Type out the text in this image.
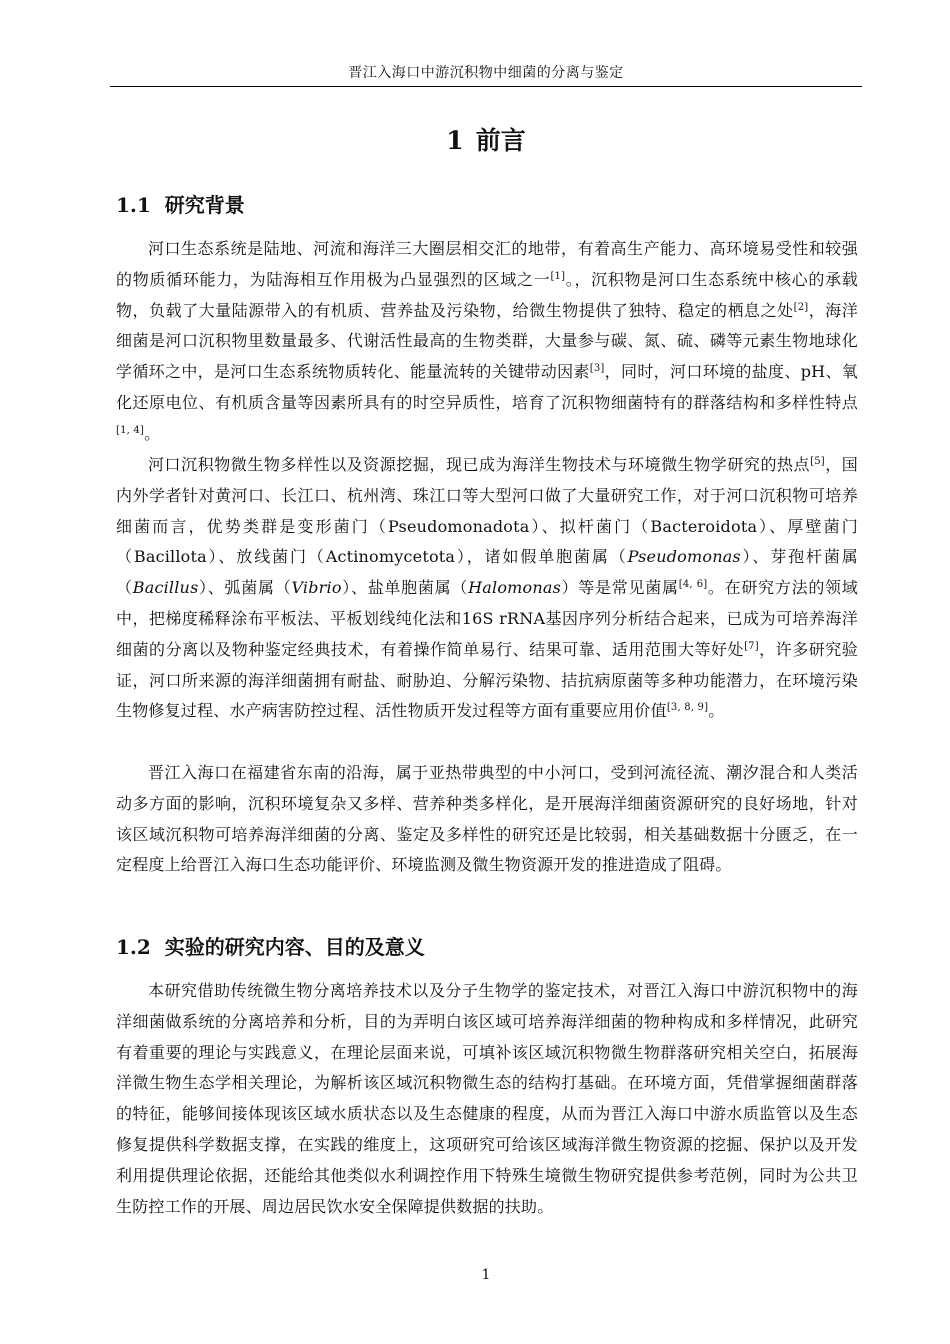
晋江入海口中游沉积物中细菌的分离与鉴定
1 前言
1.1 研究背景
河口生态系统是陆地、河流和海洋三大圈层相交汇的地带，有着高生产能力、高环境易受性和较强的物质循环能力，为陆海相互作用极为凸显强烈的区域之一[1]。，沉积物是河口生态系统中核心的承载物，负载了大量陆源带入的有机质、营养盐及污染物，给微生物提供了独特、稳定的栖息之处[2]，海洋细菌是河口沉积物里数量最多、代谢活性最高的生物类群，大量参与碳、氮、硫、磷等元素生物地球化学循环之中，是河口生态系统物质转化、能量流转的关键带动因素[3]，同时，河口环境的盐度、pH、氧化还原电位、有机质含量等因素所具有的时空异质性，培育了沉积物细菌特有的群落结构和多样性特点[1, 4]。
河口沉积物微生物多样性以及资源挖掘，现已成为海洋生物技术与环境微生物学研究的热点[5]，国内外学者针对黄河口、长江口、杭州湾、珠江口等大型河口做了大量研究工作，对于河口沉积物可培养细菌而言，优势类群是变形菌门（Pseudomonadota）、拟杆菌门（Bacteroidota）、厚壁菌门（Bacillota）、放线菌门（Actinomycetota），诸如假单胞菌属（Pseudomonas）、芽孢杆菌属（Bacillus）、弧菌属（Vibrio）、盐单胞菌属（Halomonas）等是常见菌属[4, 6]。在研究方法的领域中，把梯度稀释涂布平板法、平板划线纯化法和16S rRNA基因序列分析结合起来，已成为可培养海洋细菌的分离以及物种鉴定经典技术，有着操作简单易行、结果可靠、适用范围大等好处[7]，许多研究验证，河口所来源的海洋细菌拥有耐盐、耐胁迫、分解污染物、拮抗病原菌等多种功能潜力，在环境污染生物修复过程、水产病害防控过程、活性物质开发过程等方面有重要应用价值[3, 8, 9]。
晋江入海口在福建省东南的沿海，属于亚热带典型的中小河口，受到河流径流、潮汐混合和人类活动多方面的影响，沉积环境复杂又多样、营养种类多样化，是开展海洋细菌资源研究的良好场地，针对该区域沉积物可培养海洋细菌的分离、鉴定及多样性的研究还是比较弱，相关基础数据十分匮乏，在一定程度上给晋江入海口生态功能评价、环境监测及微生物资源开发的推进造成了阻碍。
1.2 实验的研究内容、目的及意义
本研究借助传统微生物分离培养技术以及分子生物学的鉴定技术，对晋江入海口中游沉积物中的海洋细菌做系统的分离培养和分析，目的为弄明白该区域可培养海洋细菌的物种构成和多样情况，此研究有着重要的理论与实践意义，在理论层面来说，可填补该区域沉积物微生物群落研究相关空白，拓展海洋微生物生态学相关理论，为解析该区域沉积物微生态的结构打基础。在环境方面，凭借掌握细菌群落的特征，能够间接体现该区域水质状态以及生态健康的程度，从而为晋江入海口中游水质监管以及生态修复提供科学数据支撑，在实践的维度上，这项研究可给该区域海洋微生物资源的挖掘、保护以及开发利用提供理论依据，还能给其他类似水利调控作用下特殊生境微生物研究提供参考范例，同时为公共卫生防控工作的开展、周边居民饮水安全保障提供数据的扶助。
1
